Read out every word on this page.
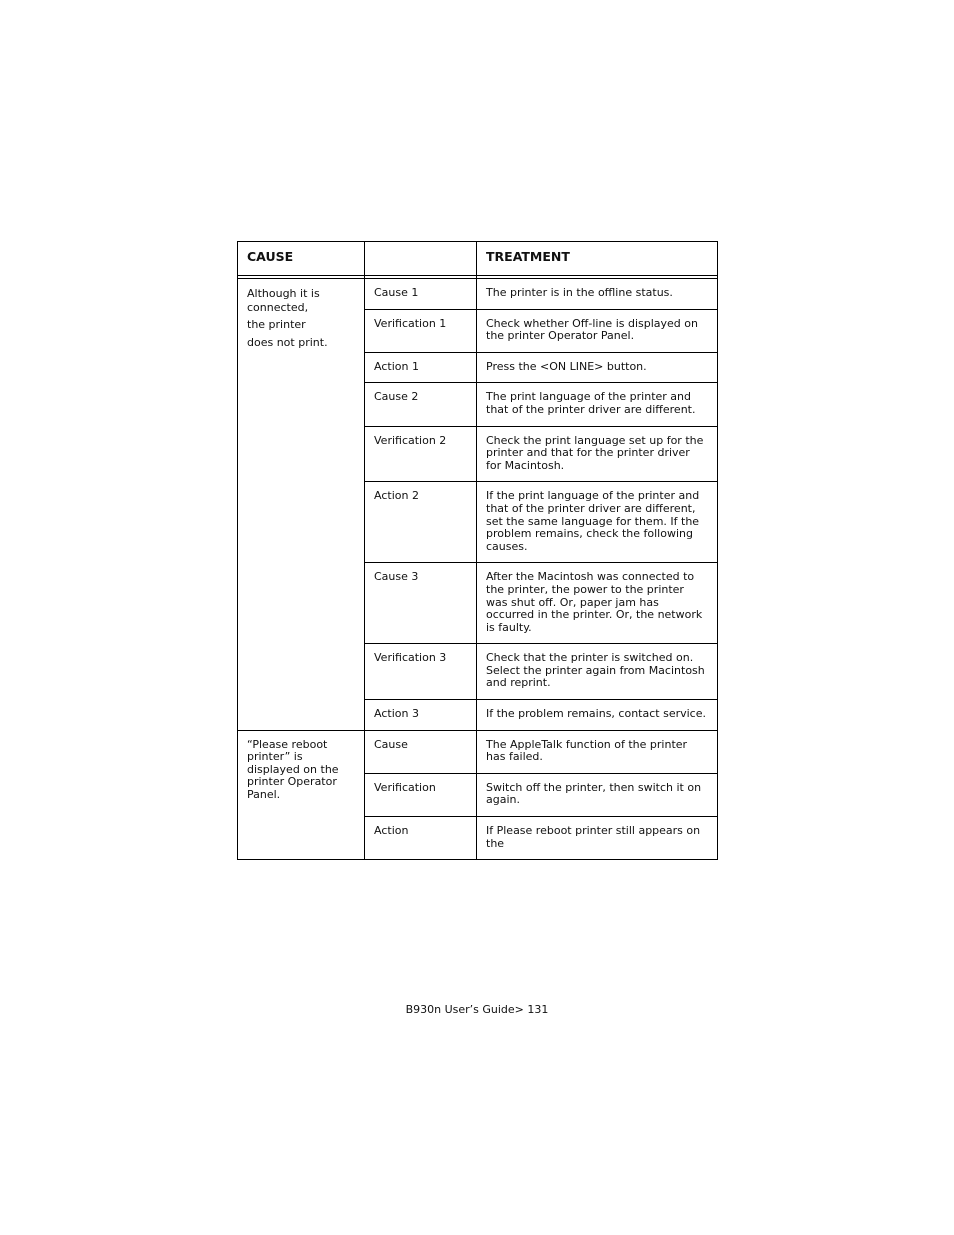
CAUSE		TREATMENT

Although it is connected,
the printer
does not print.	Cause 1	The printer is in the offline status.
	Verification 1	Check whether Off-line is displayed on the printer Operator Panel.
	Action 1	Press the <ON LINE> button.
	Cause 2	The print language of the printer and that of the printer driver are different.
	Verification 2	Check the print language set up for the printer and that for the printer driver for Macintosh.
	Action 2	If the print language of the printer and that of the printer driver are different, set the same language for them. If the problem remains, check the following causes.
	Cause 3	After the Macintosh was connected to the printer, the power to the printer was shut off. Or, paper jam has occurred in the printer. Or, the network is faulty.
	Verification 3	Check that the printer is switched on. Select the printer again from Macintosh and reprint.
	Action 3	If the problem remains, contact service.
“Please reboot printer” is displayed on the printer Operator Panel.	Cause	The AppleTalk function of the printer has failed.
	Verification	Switch off the printer, then switch it on again.
	Action	If Please reboot printer still appears on the
B930n User’s Guide> 131
